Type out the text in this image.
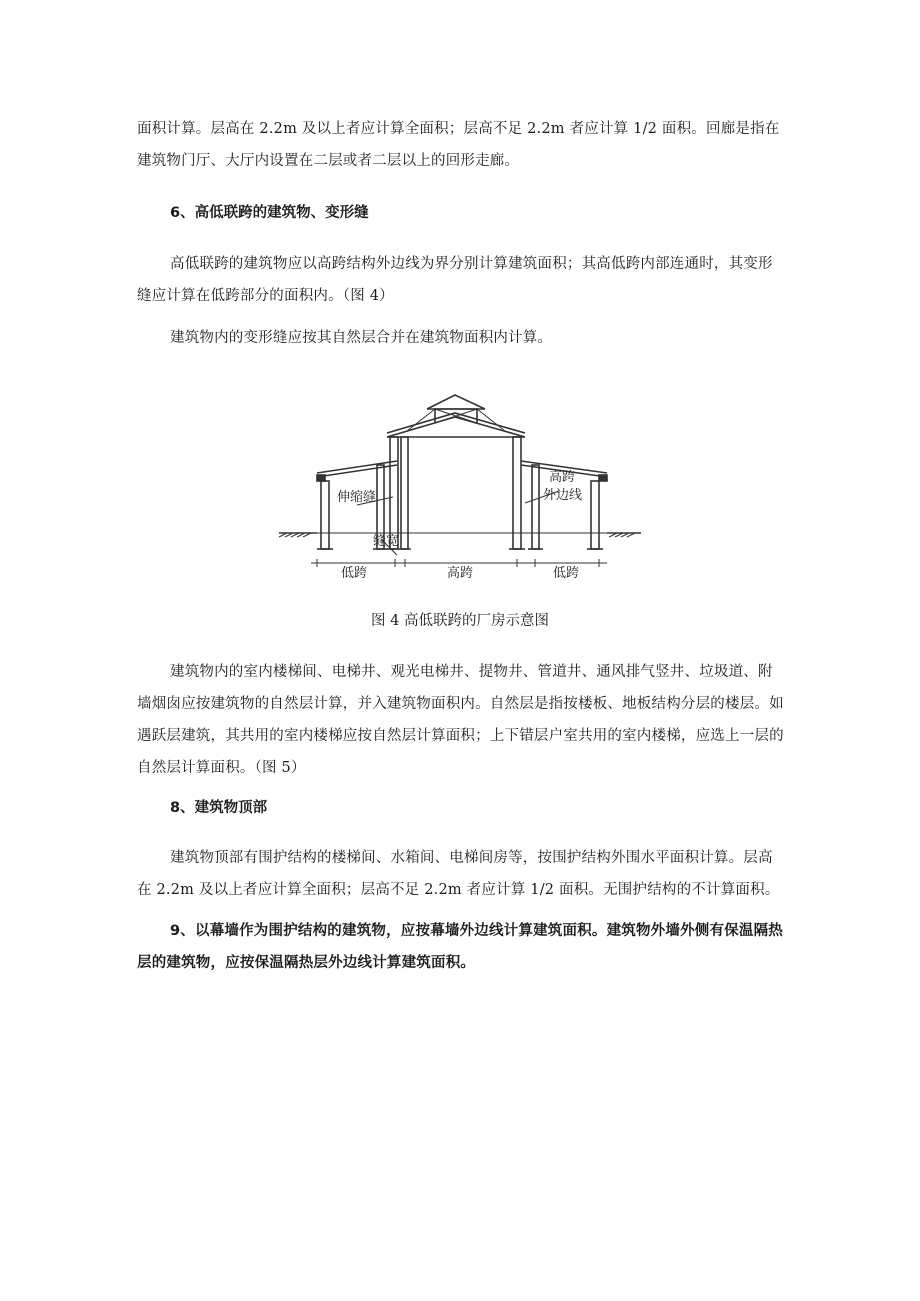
面积计算。层高在 2.2m 及以上者应计算全面积；层高不足 2.2m 者应计算 1/2 面积。回廊是指在建筑物门厅、大厅内设置在二层或者二层以上的回形走廊。

6、高低联跨的建筑物、变形缝

高低联跨的建筑物应以高跨结构外边线为界分别计算建筑面积；其高低跨内部连通时，其变形缝应计算在低跨部分的面积内。（图 4）

建筑物内的变形缝应按其自然层合并在建筑物面积内计算。

伸缩缝
高跨
外边线
缝宽
低跨	高跨	低跨

图 4 高低联跨的厂房示意图

建筑物内的室内楼梯间、电梯井、观光电梯井、提物井、管道井、通风排气竖井、垃圾道、附墙烟囱应按建筑物的自然层计算，并入建筑物面积内。自然层是指按楼板、地板结构分层的楼层。如遇跃层建筑，其共用的室内楼梯应按自然层计算面积；上下错层户室共用的室内楼梯，应选上一层的自然层计算面积。（图 5）

8、建筑物顶部

建筑物顶部有围护结构的楼梯间、水箱间、电梯间房等，按围护结构外围水平面积计算。层高在 2.2m 及以上者应计算全面积；层高不足 2.2m 者应计算 1/2 面积。无围护结构的不计算面积。

9、以幕墙作为围护结构的建筑物，应按幕墙外边线计算建筑面积。建筑物外墙外侧有保温隔热层的建筑物，应按保温隔热层外边线计算建筑面积。
